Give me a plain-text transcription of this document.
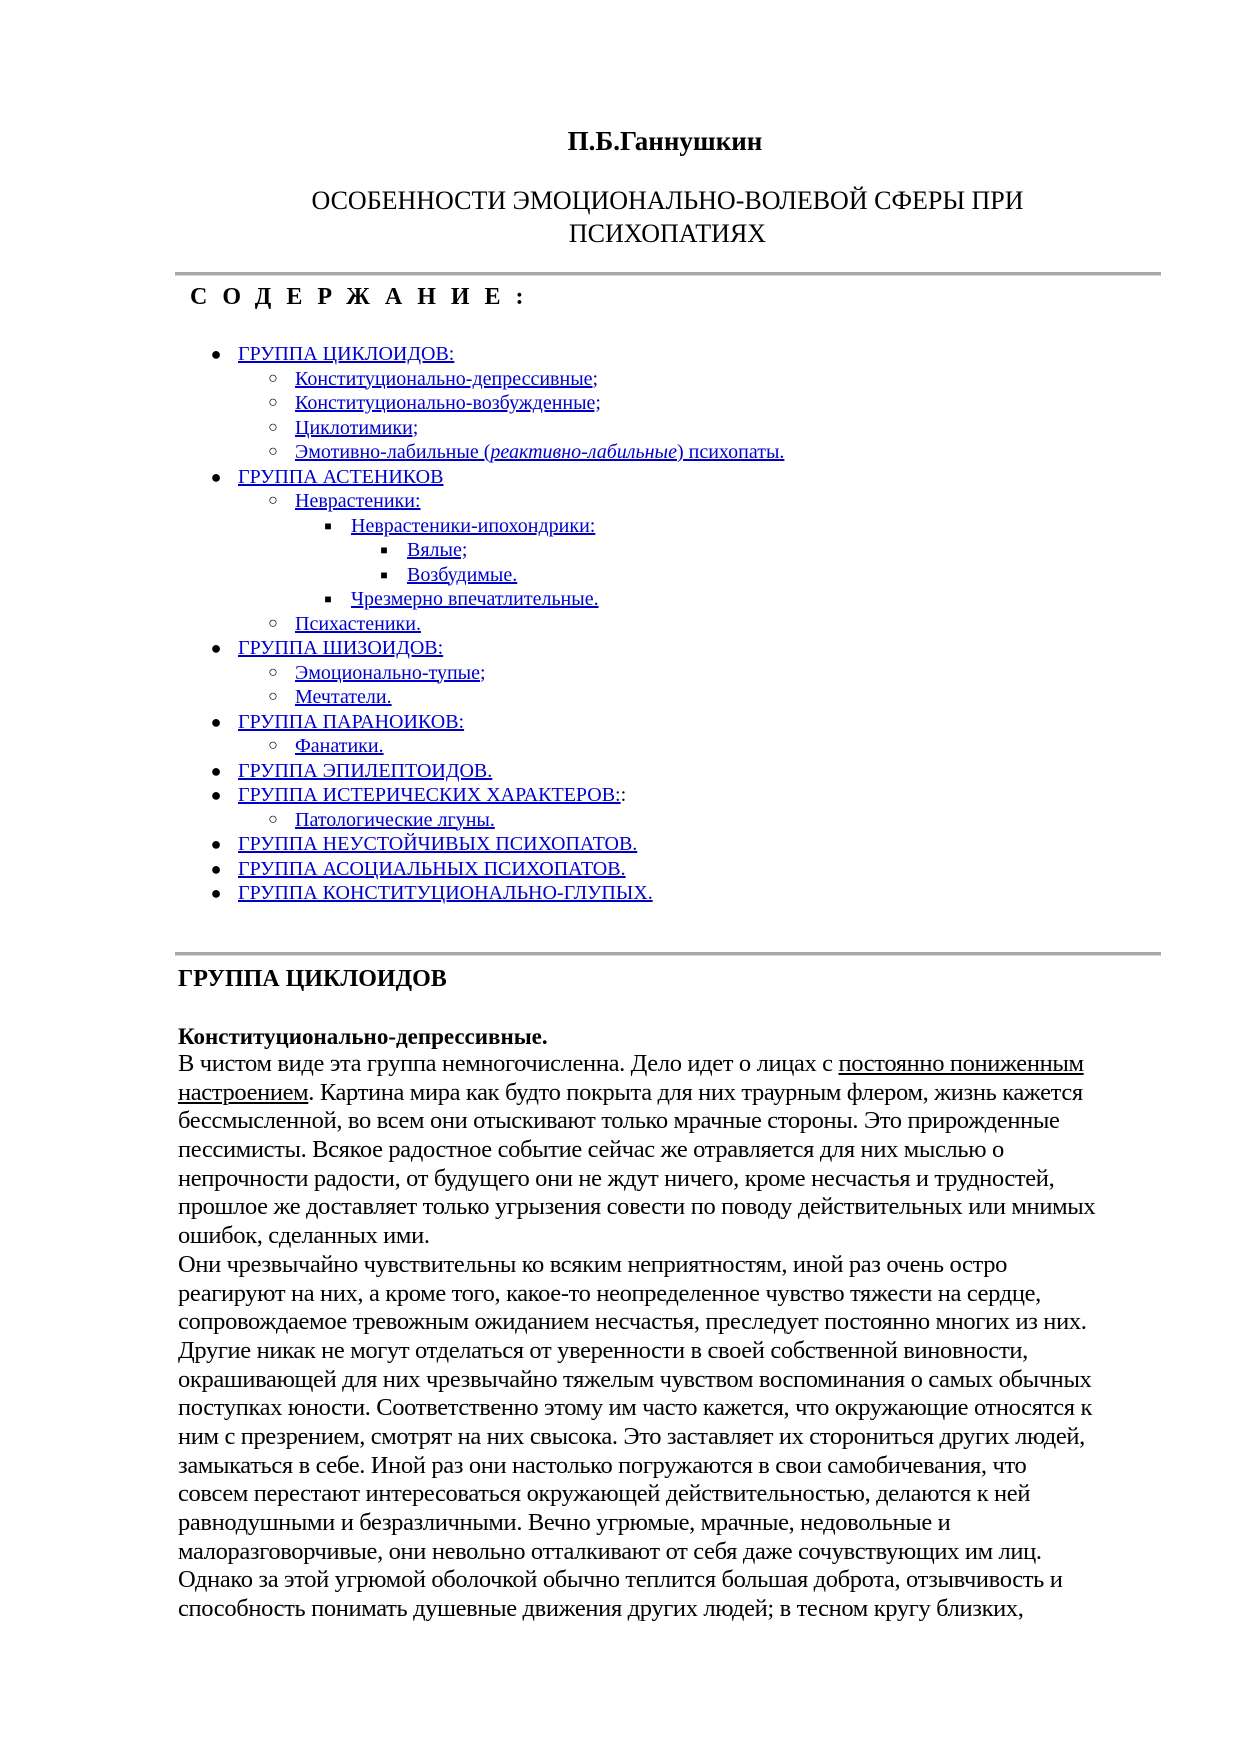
П.Б.Ганнушкин
ОСОБЕННОСТИ ЭМОЦИОНАЛЬНО-ВОЛЕВОЙ СФЕРЫ ПРИ
ПСИХОПАТИЯХ
СОДЕРЖАНИЕ:
● ГРУППА ЦИКЛОИДОВ:
○ Конституционально-депрессивные;
○ Конституционально-возбужденные;
○ Циклотимики;
○ Эмотивно-лабильные (реактивно-лабильные) психопаты.
● ГРУППА АСТЕНИКОВ
○ Неврастеники:
■ Неврастеники-ипохондрики:
■ Вялые;
■ Возбудимые.
■ Чрезмерно впечатлительные.
○ Психастеники.
● ГРУППА ШИЗОИДОВ:
○ Эмоционально-тупые;
○ Мечтатели.
● ГРУППА ПАРАНОИКОВ:
○ Фанатики.
● ГРУППА ЭПИЛЕПТОИДОВ.
● ГРУППА ИСТЕРИЧЕСКИХ ХАРАКТЕРОВ::
○ Патологические лгуны.
● ГРУППА НЕУСТОЙЧИВЫХ ПСИХОПАТОВ.
● ГРУППА АСОЦИАЛЬНЫХ ПСИХОПАТОВ.
● ГРУППА КОНСТИТУЦИОНАЛЬНО-ГЛУПЫХ.
ГРУППА ЦИКЛОИДОВ
Конституционально-депрессивные.
В чистом виде эта группа немногочисленна. Дело идет о лицах с постоянно пониженным
настроением. Картина мира как будто покрыта для них траурным флером, жизнь кажется
бессмысленной, во всем они отыскивают только мрачные стороны. Это прирожденные
пессимисты. Всякое радостное событие сейчас же отравляется для них мыслью о
непрочности радости, от будущего они не ждут ничего, кроме несчастья и трудностей,
прошлое же доставляет только угрызения совести по поводу действительных или мнимых
ошибок, сделанных ими.
Они чрезвычайно чувствительны ко всяким неприятностям, иной раз очень остро
реагируют на них, а кроме того, какое-то неопределенное чувство тяжести на сердце,
сопровождаемое тревожным ожиданием несчастья, преследует постоянно многих из них.
Другие никак не могут отделаться от уверенности в своей собственной виновности,
окрашивающей для них чрезвычайно тяжелым чувством воспоминания о самых обычных
поступках юности. Соответственно этому им часто кажется, что окружающие относятся к
ним с презрением, смотрят на них свысока. Это заставляет их сторониться других людей,
замыкаться в себе. Иной раз они настолько погружаются в свои самобичевания, что
совсем перестают интересоваться окружающей действительностью, делаются к ней
равнодушными и безразличными. Вечно угрюмые, мрачные, недовольные и
малоразговорчивые, они невольно отталкивают от себя даже сочувствующих им лиц.
Однако за этой угрюмой оболочкой обычно теплится большая доброта, отзывчивость и
способность понимать душевные движения других людей; в тесном кругу близких,
